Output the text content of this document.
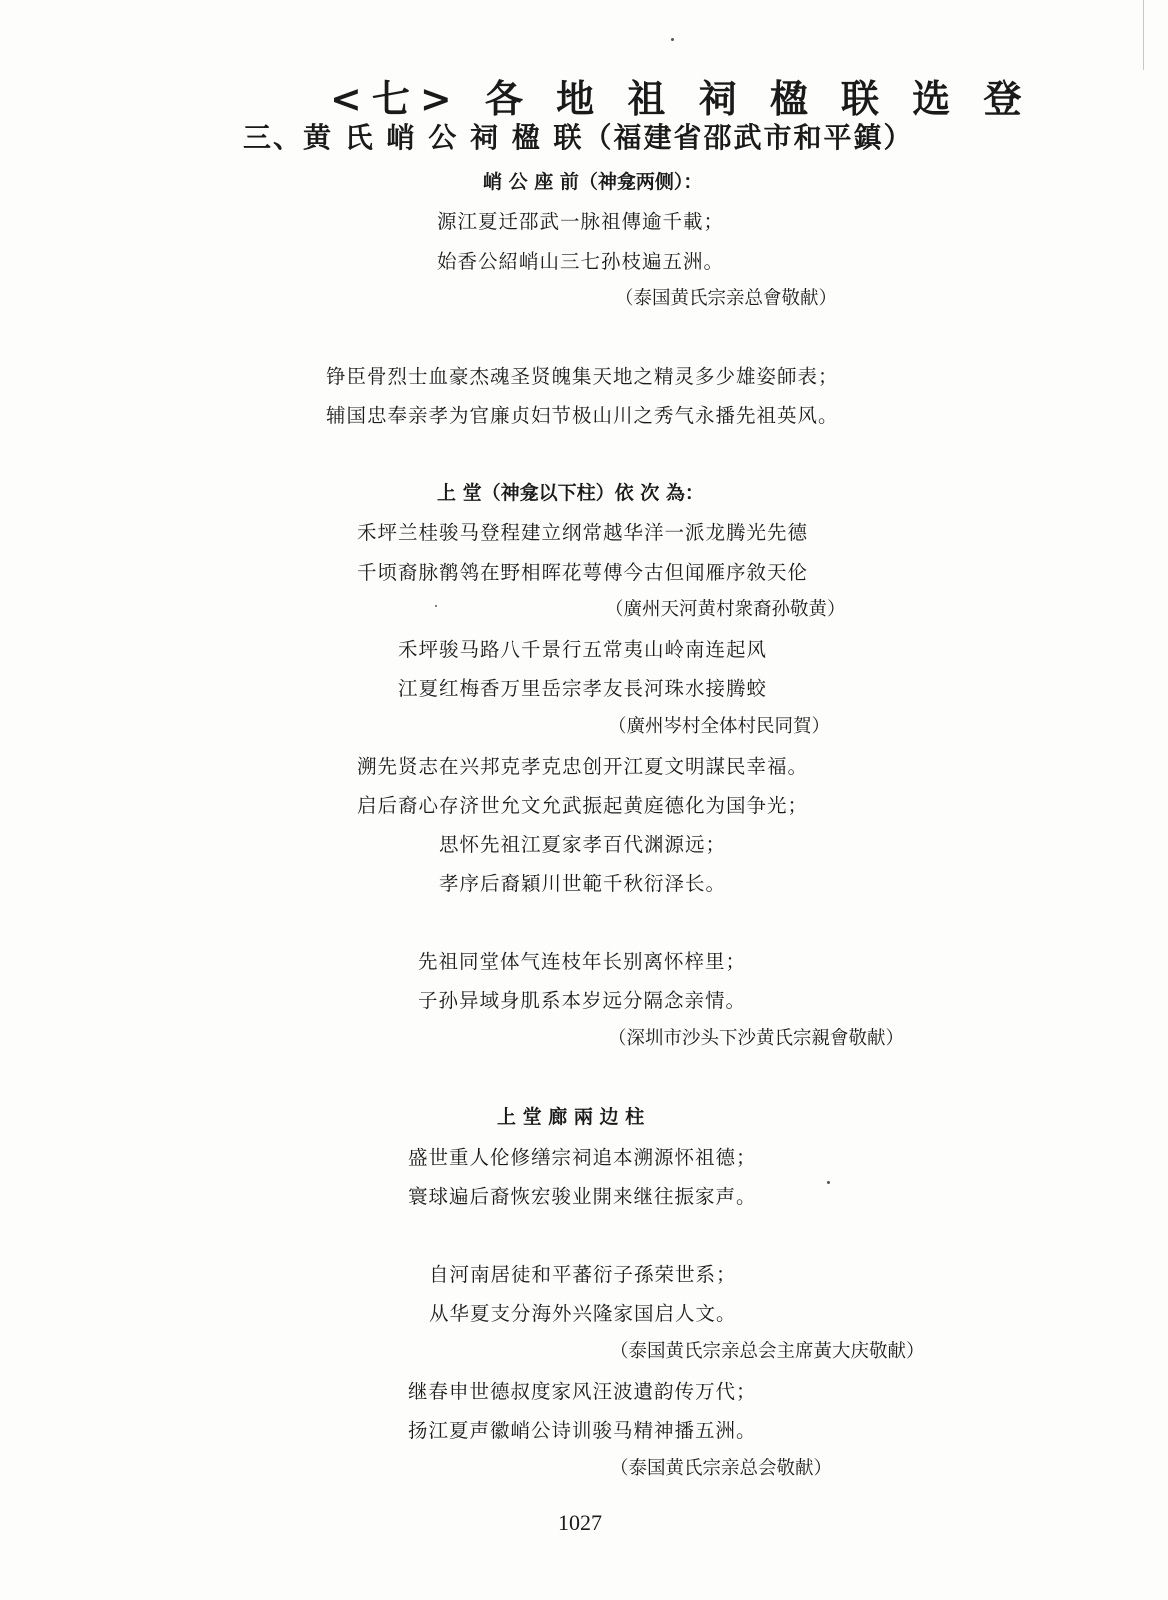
<七> 各 地 祖 祠 楹 联 选 登
三、黄 氏 峭 公 祠 楹 联（福建省邵武市和平鎮）
峭 公 座 前（神龛两侧）：
源江夏迁邵武一脉祖傳逾千載；
始香公紹峭山三七孙枝遍五洲。
（泰国黄氏宗亲总會敬献）
铮臣骨烈士血豪杰魂圣贤魄集天地之精灵多少雄姿師表；
辅国忠奉亲孝为官廉贞妇节极山川之秀气永播先祖英风。
上 堂（神龛以下柱）依 次 為：
禾坪兰桂骏马登程建立纲常越华洋一派龙腾光先德
千顷裔脉鹡鸰在野相晖花萼傅今古但闻雁序敘天伦
（廣州天河黄村衆裔孙敬黄）
禾坪骏马路八千景行五常夷山岭南连起风
江夏红梅香万里岳宗孝友長河珠水接腾蛟
（廣州岑村全体村民同賀）
溯先贤志在兴邦克孝克忠创开江夏文明謀民幸福。
启后裔心存济世允文允武振起黄庭德化为国争光；
思怀先祖江夏家孝百代渊源远；
孝序后裔穎川世範千秋衍泽长。
先祖同堂体气连枝年长别离怀梓里；
子孙异域身肌系本岁远分隔念亲情。
（深圳市沙头下沙黄氏宗親會敬献）
上 堂 廊 兩 边 柱
盛世重人伦修缮宗祠追本溯源怀祖德；
寰球遍后裔恢宏骏业開来继往振家声。
自河南居徒和平蕃衍子孫荣世系；
从华夏支分海外兴隆家国启人文。
（泰国黄氏宗亲总会主席黃大庆敬献）
继春申世德叔度家风汪波遺韵传万代；
扬江夏声徽峭公诗训骏马精神播五洲。
（泰国黄氏宗亲总会敬献）
1027
